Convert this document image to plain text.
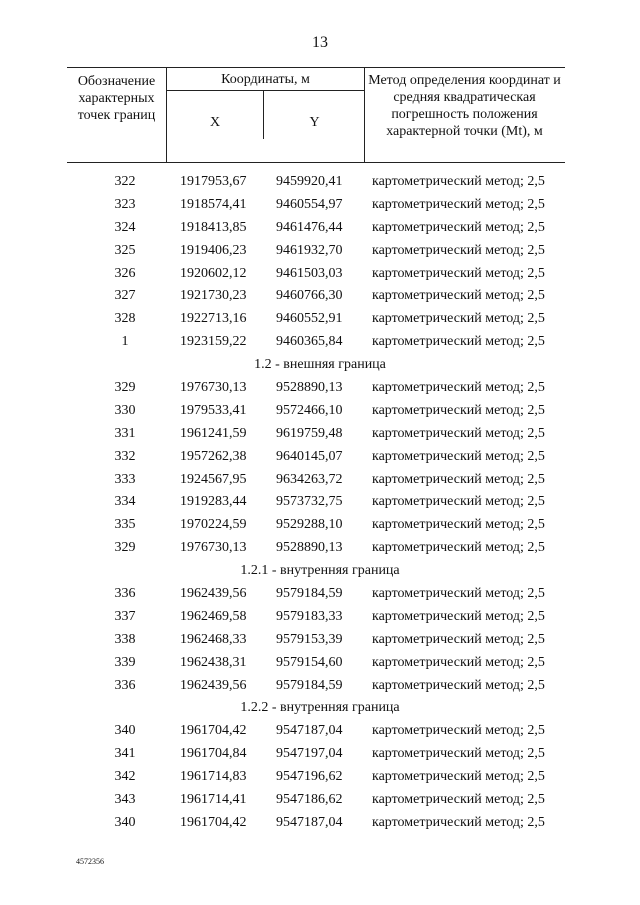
13
Обозначение характерных точек границ
Координаты, м
X	Y
Метод определения координат и средняя квадратическая погрешность положения характерной точки (Mt), м
322	1917953,67 9459920,41 картометрический метод; 2,5
323	1918574,41 9460554,97 картометрический метод; 2,5
324	1918413,85 9461476,44 картометрический метод; 2,5
325	1919406,23 9461932,70 картометрический метод; 2,5
326	1920602,12 9461503,03 картометрический метод; 2,5
327	1921730,23 9460766,30 картометрический метод; 2,5
328	1922713,16 9460552,91 картометрический метод; 2,5
1	1923159,22 9460365,84 картометрический метод; 2,5
1.2 - внешняя граница
329	1976730,13 9528890,13 картометрический метод; 2,5
330	1979533,41 9572466,10 картометрический метод; 2,5
331	1961241,59 9619759,48 картометрический метод; 2,5
332	1957262,38 9640145,07 картометрический метод; 2,5
333	1924567,95 9634263,72 картометрический метод; 2,5
334	1919283,44 9573732,75 картометрический метод; 2,5
335	1970224,59 9529288,10 картометрический метод; 2,5
329	1976730,13 9528890,13 картометрический метод; 2,5
1.2.1 - внутренняя граница
336	1962439,56 9579184,59 картометрический метод; 2,5
337	1962469,58 9579183,33 картометрический метод; 2,5
338	1962468,33 9579153,39 картометрический метод; 2,5
339	1962438,31 9579154,60 картометрический метод; 2,5
336	1962439,56 9579184,59 картометрический метод; 2,5
1.2.2 - внутренняя граница
340	1961704,42 9547187,04 картометрический метод; 2,5
341	1961704,84 9547197,04 картометрический метод; 2,5
342	1961714,83 9547196,62 картометрический метод; 2,5
343	1961714,41 9547186,62 картометрический метод; 2,5
340	1961704,42 9547187,04 картометрический метод; 2,5
4572356
